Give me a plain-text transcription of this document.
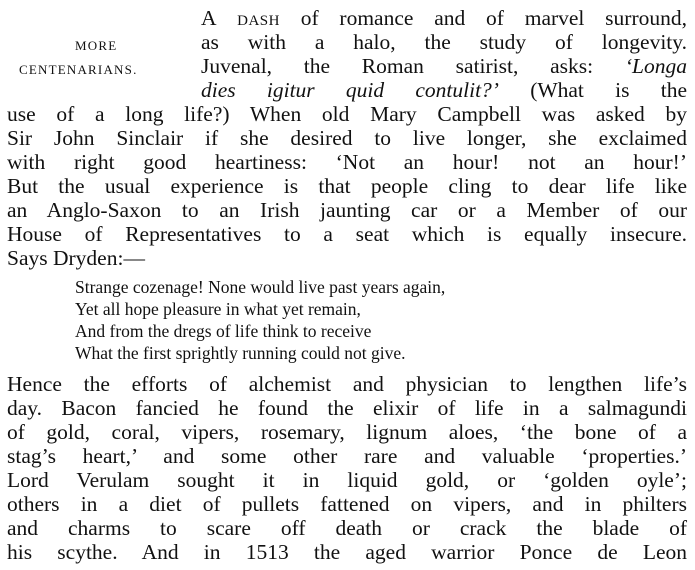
MORE
CENTENARIANS.
A dash of romance and of marvel surround,
as with a halo, the study of longevity.
Juvenal, the Roman satirist, asks: ‘Longa
dies igitur quid contulit?’ (What is the
use of a long life?) When old Mary Campbell was asked by
Sir John Sinclair if she desired to live longer, she exclaimed
with right good heartiness: ‘Not an hour! not an hour!’
But the usual experience is that people cling to dear life like
an Anglo-Saxon to an Irish jaunting car or a Member of our
House of Representatives to a seat which is equally insecure.
Says Dryden:—
Strange cozenage! None would live past years again,
Yet all hope pleasure in what yet remain,
And from the dregs of life think to receive
What the first sprightly running could not give.
Hence the efforts of alchemist and physician to lengthen life’s
day. Bacon fancied he found the elixir of life in a salmagundi
of gold, coral, vipers, rosemary, lignum aloes, ‘the bone of a
stag’s heart,’ and some other rare and valuable ‘properties.’
Lord Verulam sought it in liquid gold, or ‘golden oyle’;
others in a diet of pullets fattened on vipers, and in philters
and charms to scare off death or crack the blade of
his scythe. And in 1513 the aged warrior Ponce de Leon
